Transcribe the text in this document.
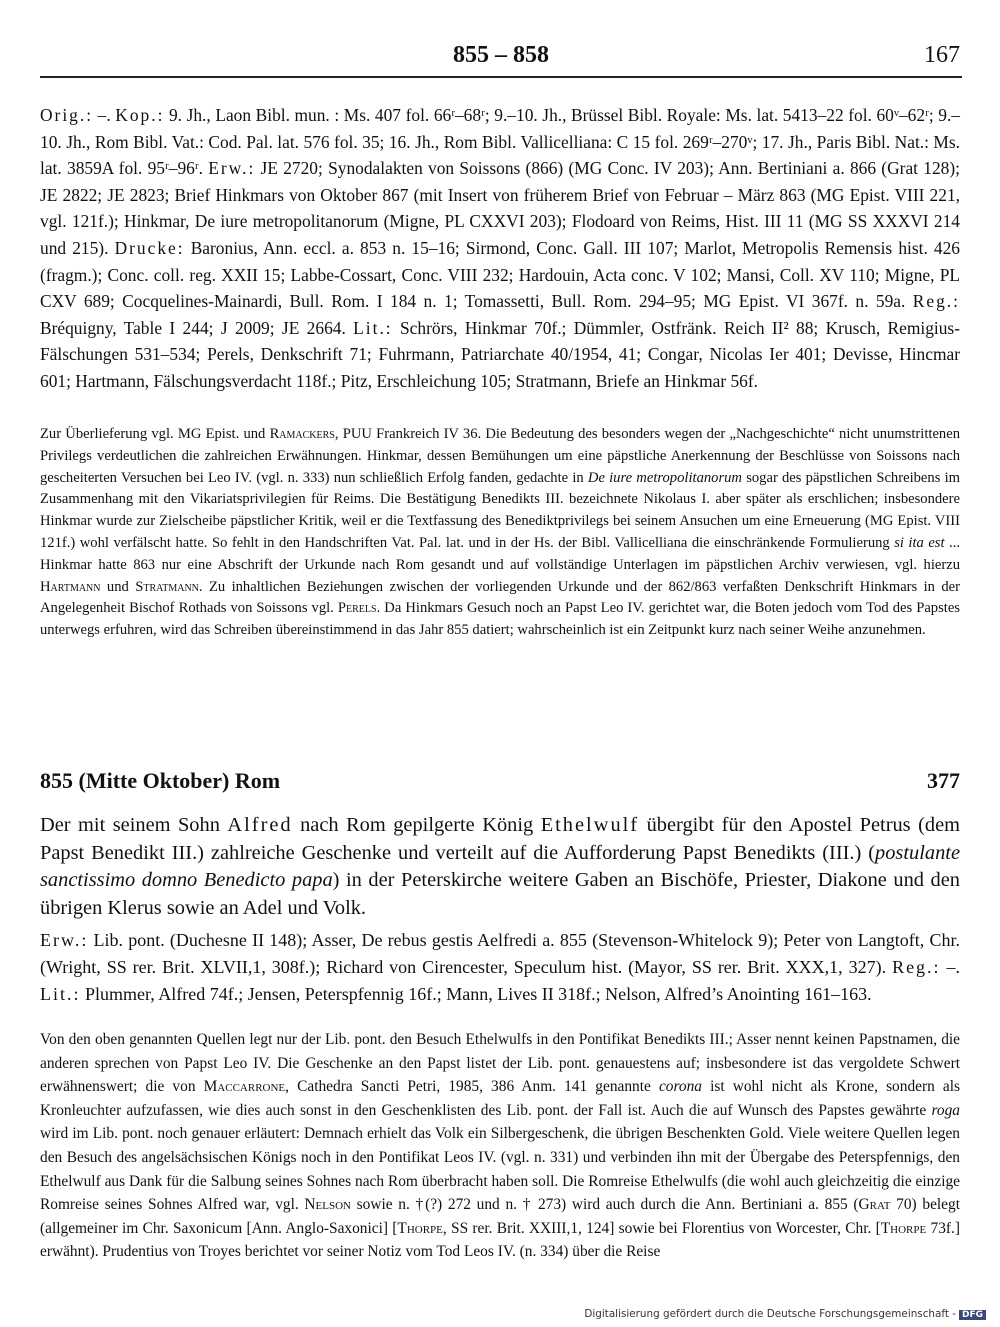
855 – 858	167
Orig.: –. Kop.: 9. Jh., Laon Bibl. mun. : Ms. 407 fol. 66ʳ–68ʳ; 9.–10. Jh., Brüssel Bibl. Royale: Ms. lat. 5413–22 fol. 60ᵛ–62ʳ; 9.–10. Jh., Rom Bibl. Vat.: Cod. Pal. lat. 576 fol. 35; 16. Jh., Rom Bibl. Vallicelliana: C 15 fol. 269ʳ–270ᵛ; 17. Jh., Paris Bibl. Nat.: Ms. lat. 3859A fol. 95ʳ–96ʳ. Erw.: JE 2720; Synodalakten von Soissons (866) (MG Conc. IV 203); Ann. Bertiniani a. 866 (Grat 128); JE 2822; JE 2823; Brief Hinkmars von Oktober 867 (mit Insert von früherem Brief von Februar – März 863 (MG Epist. VIII 221, vgl. 121f.); Hinkmar, De iure metropolitanorum (Migne, PL CXXVI 203); Flodoard von Reims, Hist. III 11 (MG SS XXXVI 214 und 215). Drucke: Baronius, Ann. eccl. a. 853 n. 15–16; Sirmond, Conc. Gall. III 107; Marlot, Metropolis Remensis hist. 426 (fragm.); Conc. coll. reg. XXII 15; Labbe-Cossart, Conc. VIII 232; Hardouin, Acta conc. V 102; Mansi, Coll. XV 110; Migne, PL CXV 689; Cocquelines-Mainardi, Bull. Rom. I 184 n. 1; Tomassetti, Bull. Rom. 294–95; MG Epist. VI 367f. n. 59a. Reg.: Bréquigny, Table I 244; J 2009; JE 2664. Lit.: Schrörs, Hinkmar 70f.; Dümmler, Ostfränk. Reich II² 88; Krusch, Remigius-Fälschungen 531–534; Perels, Denkschrift 71; Fuhrmann, Patriarchate 40/1954, 41; Congar, Nicolas Ier 401; Devisse, Hincmar 601; Hartmann, Fälschungsverdacht 118f.; Pitz, Erschleichung 105; Stratmann, Briefe an Hinkmar 56f.
Zur Überlieferung vgl. MG Epist. und Ramackers, PUU Frankreich IV 36. Die Bedeutung des besonders wegen der „Nachgeschichte“ nicht unumstrittenen Privilegs verdeutlichen die zahlreichen Erwähnungen. Hinkmar, dessen Bemühungen um eine päpstliche Anerkennung der Beschlüsse von Soissons nach gescheiterten Versuchen bei Leo IV. (vgl. n. 333) nun schließlich Erfolg fanden, gedachte in De iure metropolitanorum sogar des päpstlichen Schreibens im Zusammenhang mit den Vikariatsprivilegien für Reims. Die Bestätigung Benedikts III. bezeichnete Nikolaus I. aber später als erschlichen; insbesondere Hinkmar wurde zur Zielscheibe päpstlicher Kritik, weil er die Textfassung des Benediktprivilegs bei seinem Ansuchen um eine Erneuerung (MG Epist. VIII 121f.) wohl verfälscht hatte. So fehlt in den Handschriften Vat. Pal. lat. und in der Hs. der Bibl. Vallicelliana die einschränkende Formulierung si ita est ... Hinkmar hatte 863 nur eine Abschrift der Urkunde nach Rom gesandt und auf vollständige Unterlagen im päpstlichen Archiv verwiesen, vgl. hierzu Hartmann und Stratmann. Zu inhaltlichen Beziehungen zwischen der vorliegenden Urkunde und der 862/863 verfaßten Denkschrift Hinkmars in der Angelegenheit Bischof Rothads von Soissons vgl. Perels. Da Hinkmars Gesuch noch an Papst Leo IV. gerichtet war, die Boten jedoch vom Tod des Papstes unterwegs erfuhren, wird das Schreiben übereinstimmend in das Jahr 855 datiert; wahrscheinlich ist ein Zeitpunkt kurz nach seiner Weihe anzunehmen.
855 (Mitte Oktober) Rom	377
Der mit seinem Sohn Alfred nach Rom gepilgerte König Ethelwulf übergibt für den Apostel Petrus (dem Papst Benedikt III.) zahlreiche Geschenke und verteilt auf die Aufforderung Papst Benedikts (III.) (postulante sanctissimo domno Benedicto papa) in der Peterskirche weitere Gaben an Bischöfe, Priester, Diakone und den übrigen Klerus sowie an Adel und Volk.
Erw.: Lib. pont. (Duchesne II 148); Asser, De rebus gestis Aelfredi a. 855 (Stevenson-Whitelock 9); Peter von Langtoft, Chr. (Wright, SS rer. Brit. XLVII,1, 308f.); Richard von Cirencester, Speculum hist. (Mayor, SS rer. Brit. XXX,1, 327). Reg.: –. Lit.: Plummer, Alfred 74f.; Jensen, Peterspfennig 16f.; Mann, Lives II 318f.; Nelson, Alfred’s Anointing 161–163.
Von den oben genannten Quellen legt nur der Lib. pont. den Besuch Ethelwulfs in den Pontifikat Benedikts III.; Asser nennt keinen Papstnamen, die anderen sprechen von Papst Leo IV. Die Geschenke an den Papst listet der Lib. pont. genauestens auf; insbesondere ist das vergoldete Schwert erwähnenswert; die von Maccarrone, Cathedra Sancti Petri, 1985, 386 Anm. 141 genannte corona ist wohl nicht als Krone, sondern als Kronleuchter aufzufassen, wie dies auch sonst in den Geschenklisten des Lib. pont. der Fall ist. Auch die auf Wunsch des Papstes gewährte roga wird im Lib. pont. noch genauer erläutert: Demnach erhielt das Volk ein Silbergeschenk, die übrigen Beschenkten Gold. Viele weitere Quellen legen den Besuch des angelsächsischen Königs noch in den Pontifikat Leos IV. (vgl. n. 331) und verbinden ihn mit der Übergabe des Peterspfennigs, den Ethelwulf aus Dank für die Salbung seines Sohnes nach Rom überbracht haben soll. Die Romreise Ethelwulfs (die wohl auch gleichzeitig die einzige Romreise seines Sohnes Alfred war, vgl. Nelson sowie n. †(?) 272 und n. † 273) wird auch durch die Ann. Bertiniani a. 855 (Grat 70) belegt (allgemeiner im Chr. Saxonicum [Ann. Anglo-Saxonici] [Thorpe, SS rer. Brit. XXIII,1, 124] sowie bei Florentius von Worcester, Chr. [Thorpe 73f.] erwähnt). Prudentius von Troyes berichtet vor seiner Notiz vom Tod Leos IV. (n. 334) über die Reise
Digitalisierung gefördert durch die Deutsche Forschungsgemeinschaft - DFG
